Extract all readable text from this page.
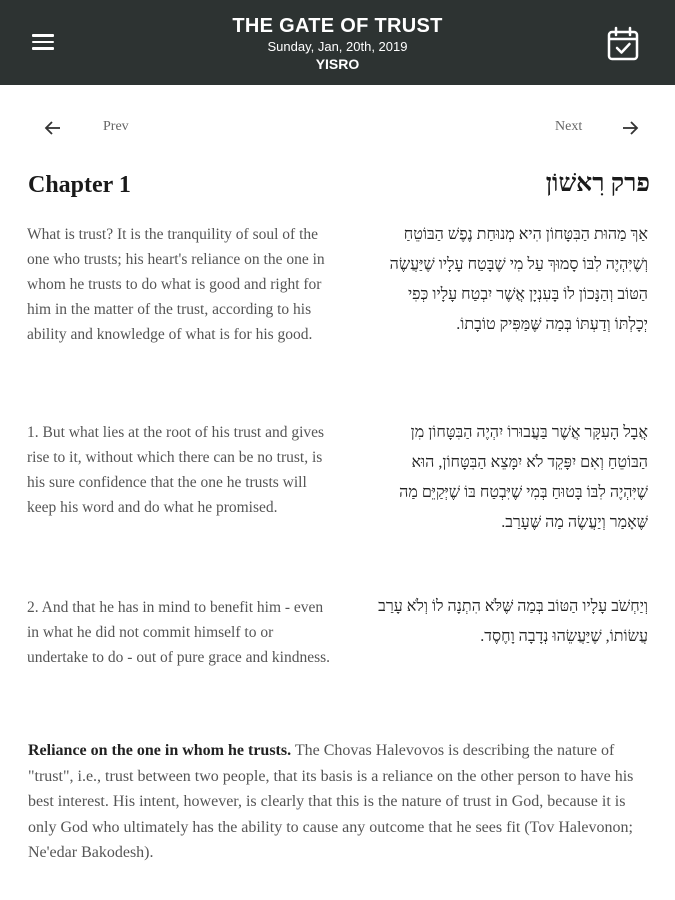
THE GATE OF TRUST
Sunday, Jan, 20th, 2019
YISRO
Prev	Next
Chapter 1	פרק רִאשׁוֹן
What is trust? It is the tranquility of soul of the one who trusts; his heart's reliance on the one in whom he trusts to do what is good and right for him in the matter of the trust, according to his ability and knowledge of what is for his good.
אַךְ מַהוּת הַבִּטָּחוֹן הִיא מְנוּחַת נֶפֶשׁ הַבּוֹטֵחַ וְשֶׁיִּהְיֶה לִבּוֹ סָמוּךְ עַל מִי שֶׁבָּטַח עָלָיו שֶׁיַּעֲשֶׂה הַטּוֹב וְהַנָּכוֹן לוֹ בָּעִנְיָן אֲשֶׁר יִבְטַח עָלָיו כְּפִי יְכָלְתּוֹ וְדַעְתּוֹ בְּמַה שֶּׁמַּפִּיק טוֹבָתוֹ.
1. But what lies at the root of his trust and gives rise to it, without which there can be no trust, is his sure confidence that the one he trusts will keep his word and do what he promised.
אֲבָל הָעִקָּר אֲשֶׁר בַּעֲבוּרוֹ יִהְיֶה הַבִּטָּחוֹן מִן הַבּוֹטֵחַ וְאִם יִפָּקֵד לֹא יִמָּצֵא הַבִּטָּחוֹן, הוּא שֶׁיִּהְיֶה לִבּוֹ בָּטוּחַ בְּמִי שֶׁיִּבְטַח בּוֹ שֶׁיְּקַיֵּם מַה שֶּׁאָמַר וְיַעֲשֶׂה מַה שֶּׁעָרַב.
2. And that he has in mind to benefit him - even in what he did not commit himself to or undertake to do - out of pure grace and kindness.
וְיַחְשֹׁב עָלָיו הַטּוֹב בְּמַה שֶּׁלֹּא הִתְנָה לוֹ וְלֹא עָרַב עֲשׂוֹתוֹ, שֶׁיַּעֲשֵׂהוּ נְדָבָה וָחֶסֶד.
Reliance on the one in whom he trusts. The Chovas Halevovos is describing the nature of "trust", i.e., trust between two people, that its basis is a reliance on the other person to have his best interest. His intent, however, is clearly that this is the nature of trust in God, because it is only God who ultimately has the ability to cause any outcome that he sees fit (Tov Halevonon; Ne'edar Bakodesh).
